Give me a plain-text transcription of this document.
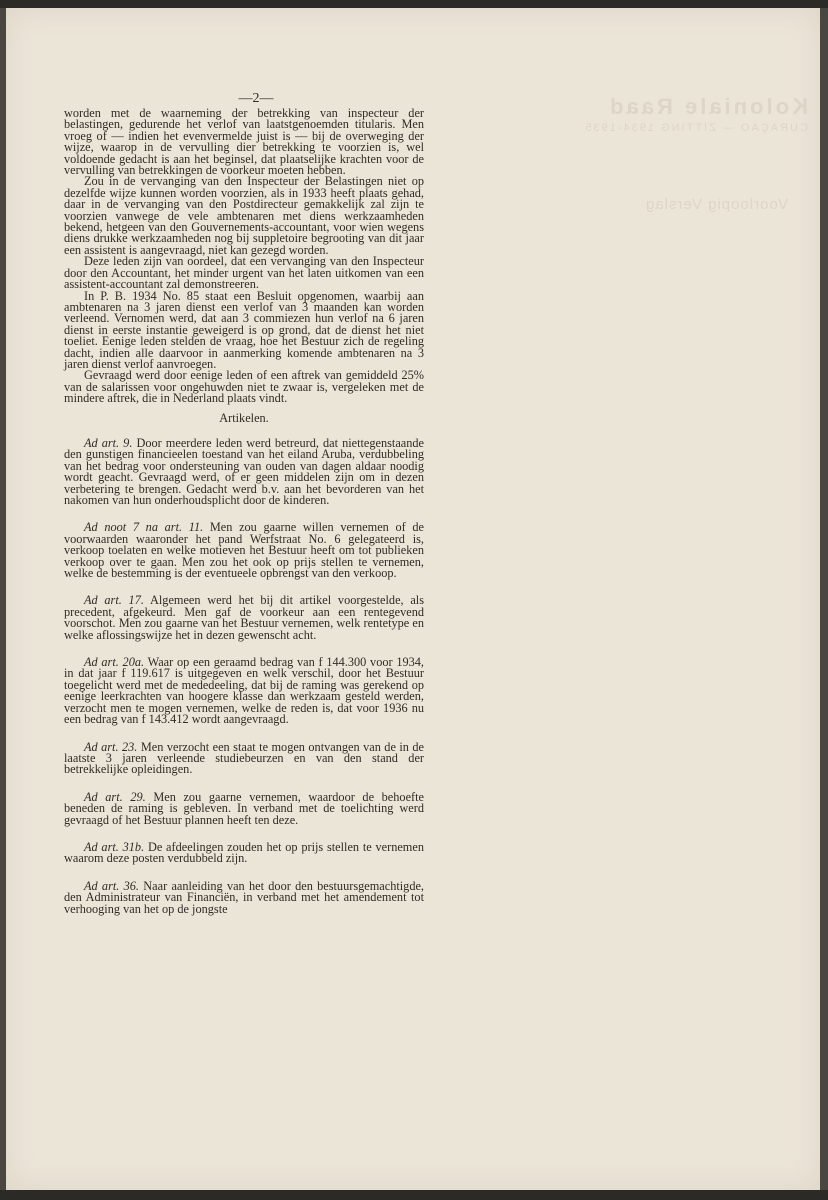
Koloniale Raad
CURAÇAO — ZITTING 1934-1935
Voorloopig Verslag
—2—

worden met de waarneming der betrekking van inspecteur der belastingen, gedurende het verlof van laatstgenoemden titularis. Men vroeg of — indien het evenvermelde juist is — bij de overweging der wijze, waarop in de vervulling dier betrekking te voorzien is, wel voldoende gedacht is aan het beginsel, dat plaatselijke krachten voor de vervulling van betrekkingen de voorkeur moeten hebben.

Zou in de vervanging van den Inspecteur der Belastingen niet op dezelfde wijze kunnen worden voorzien, als in 1933 heeft plaats gehad, daar in de vervanging van den Postdirecteur gemakkelijk zal zijn te voorzien vanwege de vele ambtenaren met diens werkzaamheden bekend, hetgeen van den Gouvernements-accountant, voor wien wegens diens drukke werkzaamheden nog bij suppletoire begrooting van dit jaar een assistent is aangevraagd, niet kan gezegd worden.

Deze leden zijn van oordeel, dat een vervanging van den Inspecteur door den Accountant, het minder urgent van het laten uitkomen van een assistent-accountant zal demonstreeren.

In P. B. 1934 No. 85 staat een Besluit opgenomen, waarbij aan ambtenaren na 3 jaren dienst een verlof van 3 maanden kan worden verleend. Vernomen werd, dat aan 3 commiezen hun verlof na 6 jaren dienst in eerste instantie geweigerd is op grond, dat de dienst het niet toeliet. Eenige leden stelden de vraag, hoe het Bestuur zich de regeling dacht, indien alle daarvoor in aanmerking komende ambtenaren na 3 jaren dienst verlof aanvroegen.

Gevraagd werd door eenige leden of een aftrek van gemiddeld 25% van de salarissen voor ongehuwden niet te zwaar is, vergeleken met de mindere aftrek, die in Nederland plaats vindt.

Artikelen.

Ad art. 9. Door meerdere leden werd betreurd, dat niettegenstaande den gunstigen financieelen toestand van het eiland Aruba, verdubbeling van het bedrag voor ondersteuning van ouden van dagen aldaar noodig wordt geacht. Gevraagd werd, of er geen middelen zijn om in dezen verbetering te brengen. Gedacht werd b.v. aan het bevorderen van het nakomen van hun onderhoudsplicht door de kinderen.

Ad noot 7 na art. 11. Men zou gaarne willen vernemen of de voorwaarden waaronder het pand Werfstraat No. 6 gelegateerd is, verkoop toelaten en welke motieven het Bestuur heeft om tot publieken verkoop over te gaan. Men zou het ook op prijs stellen te vernemen, welke de bestemming is der eventueele opbrengst van den verkoop.

Ad art. 17. Algemeen werd het bij dit artikel voorgestelde, als precedent, afgekeurd. Men gaf de voorkeur aan een rentegevend voorschot. Men zou gaarne van het Bestuur vernemen, welk rentetype en welke aflossingswijze het in dezen gewenscht acht.

Ad art. 20a. Waar op een geraamd bedrag van f 144.300 voor 1934, in dat jaar f 119.617 is uitgegeven en welk verschil, door het Bestuur toegelicht werd met de mededeeling, dat bij de raming was gerekend op eenige leerkrachten van hoogere klasse dan werkzaam gesteld werden, verzocht men te mogen vernemen, welke de reden is, dat voor 1936 nu een bedrag van f 143.412 wordt aangevraagd.

Ad art. 23. Men verzocht een staat te mogen ontvangen van de in de laatste 3 jaren verleende studiebeurzen en van den stand der betrekkelijke opleidingen.

Ad art. 29. Men zou gaarne vernemen, waardoor de behoefte beneden de raming is gebleven. In verband met de toelichting werd gevraagd of het Bestuur plannen heeft ten deze.

Ad art. 31b. De afdeelingen zouden het op prijs stellen te vernemen waarom deze posten verdubbeld zijn.

Ad art. 36. Naar aanleiding van het door den bestuursgemachtigde, den Administrateur van Financiën, in verband met het amendement tot verhooging van het op de jongste
